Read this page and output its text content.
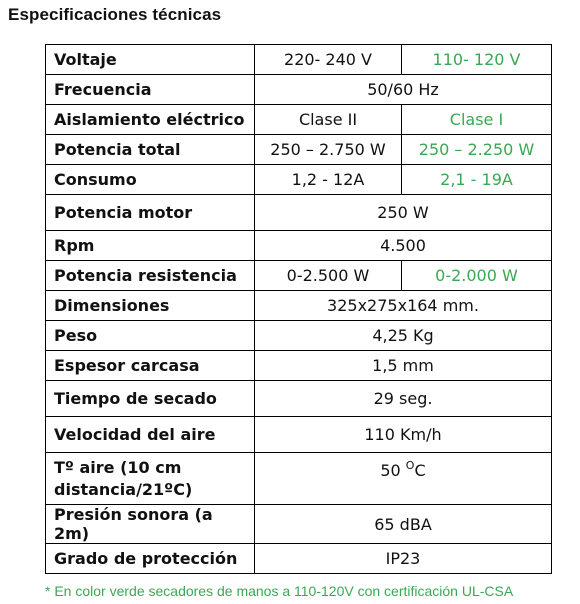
Especificaciones técnicas
Voltaje	220- 240 V	110- 120 V
Frecuencia	50/60 Hz	
Aislamiento eléctrico	Clase II	Clase I
Potencia total	250 – 2.750 W	250 – 2.250 W
Consumo	1,2 - 12A	2,1 - 19A
Potencia motor	250 W	
Rpm	4.500	
Potencia resistencia	0-2.500 W	0-2.000 W
Dimensiones	325x275x164 mm.	
Peso	4,25 Kg	
Espesor carcasa	1,5 mm	
Tiempo de secado	29 seg.	
Velocidad del aire	110 Km/h	
Tº aire (10 cm distancia/21ºC)	50 $^O$C	
Presión sonora (a 2m)	65 dBA	
Grado de protección	IP23	
* En color verde secadores de manos a 110-120V con certificación UL-CSA
